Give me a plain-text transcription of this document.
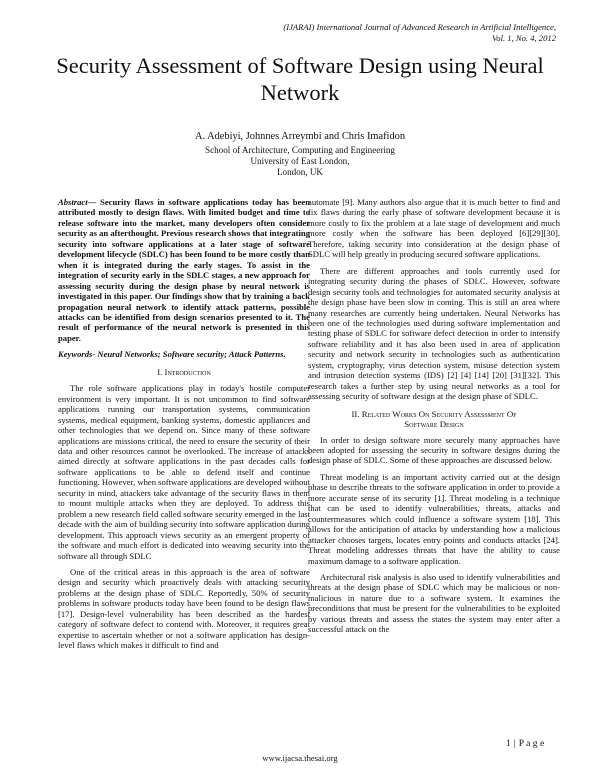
(IJARAI) International Journal of Advanced Research in Artificial Intelligence,
Vol. 1, No. 4, 2012
Security Assessment of Software Design using Neural Network
A. Adebiyi, Johnnes Arreymbi and Chris Imafidon
School of Architecture, Computing and Engineering
University of East London,
London, UK

Abstract— Security flaws in software applications today has been attributed mostly to design flaws. With limited budget and time to release software into the market, many developers often consider security as an afterthought. Previous research shows that integrating security into software applications at a later stage of software development lifecycle (SDLC) has been found to be more costly than when it is integrated during the early stages. To assist in the integration of security early in the SDLC stages, a new approach for assessing security during the design phase by neural network is investigated in this paper. Our findings show that by training a back propagation neural network to identify attack patterns, possible attacks can be identified from design scenarios presented to it. The result of performance of the neural network is presented in this paper.

Keywords- Neural Networks; Software security; Attack Patterns.

I. Introduction

The role software applications play in today's hostile computer environment is very important. It is not uncommon to find software applications running our transportation systems, communication systems, medical equipment, banking systems, domestic appliances and other technologies that we depend on. Since many of these software applications are missions critical, the need to ensure the security of their data and other resources cannot be overlooked. The increase of attacks aimed directly at software applications in the past decades calls for software applications to be able to defend itself and continue functioning. However, when software applications are developed without security in mind, attackers take advantage of the security flaws in them to mount multiple attacks when they are deployed. To address this problem a new research field called software security emerged in the last decade with the aim of building security into software application during development. This approach views security as an emergent property of the software and much effort is dedicated into weaving security into the software all through SDLC

One of the critical areas in this approach is the area of software design and security which proactively deals with attacking security problems at the design phase of SDLC. Reportedly, 50% of security problems in software products today have been found to be design flaws [17]. Design-level vulnerability has been described as the hardest category of software defect to contend with. Moreover, it requires great expertise to ascertain whether or not a software application has design-level flaws which makes it difficult to find and

automate [9]. Many authors also argue that it is much better to find and fix flaws during the early phase of software development because it is more costly to fix the problem at a late stage of development and much more costly when the software has been deployed [6][29][30]. Therefore, taking security into consideration at the design phase of SDLC will help greatly in producing secured software applications.

There are different approaches and tools currently used for integrating security during the phases of SDLC. However, software design security tools and technologies for automated security analysis at the design phase have been slow in coming. This is still an area where many researches are currently being undertaken. Neural Networks has been one of the technologies used during software implementation and testing phase of SDLC for software defect detection in order to intensify software reliability and it has also been used in area of application security and network security in technologies such as authentication system, cryptography, virus detection system, misuse detection system and intrusion detection systems (IDS) [2] [4] [14] [20] [31][32]. This research takes a further step by using neural networks as a tool for assessing security of software design at the design phase of SDLC.

II. Related Works On Security Assessment Of
Software Design

In order to design software more securely many approaches have been adopted for assessing the security in software designs during the design phase of SDLC. Some of these approaches are discussed below.

Threat modeling is an important activity carried out at the design phase to describe threats to the software application in order to provide a more accurate sense of its security [1]. Threat modeling is a technique that can be used to identify vulnerabilities, threats, attacks and countermeasures which could influence a software system [18]. This allows for the anticipation of attacks by understanding how a malicious attacker chooses targets, locates entry points and conducts attacks [24]. Threat modeling addresses threats that have the ability to cause maximum damage to a software application.

Architectural risk analysis is also used to identify vulnerabilities and threats at the design phase of SDLC which may be malicious or non-malicious in nature due to a software system. It examines the preconditions that must be present for the vulnerabilities to be exploited by various threats and assess the states the system may enter after a successful attack on the

1 | P a g e
www.ijacsa.thesai.org
